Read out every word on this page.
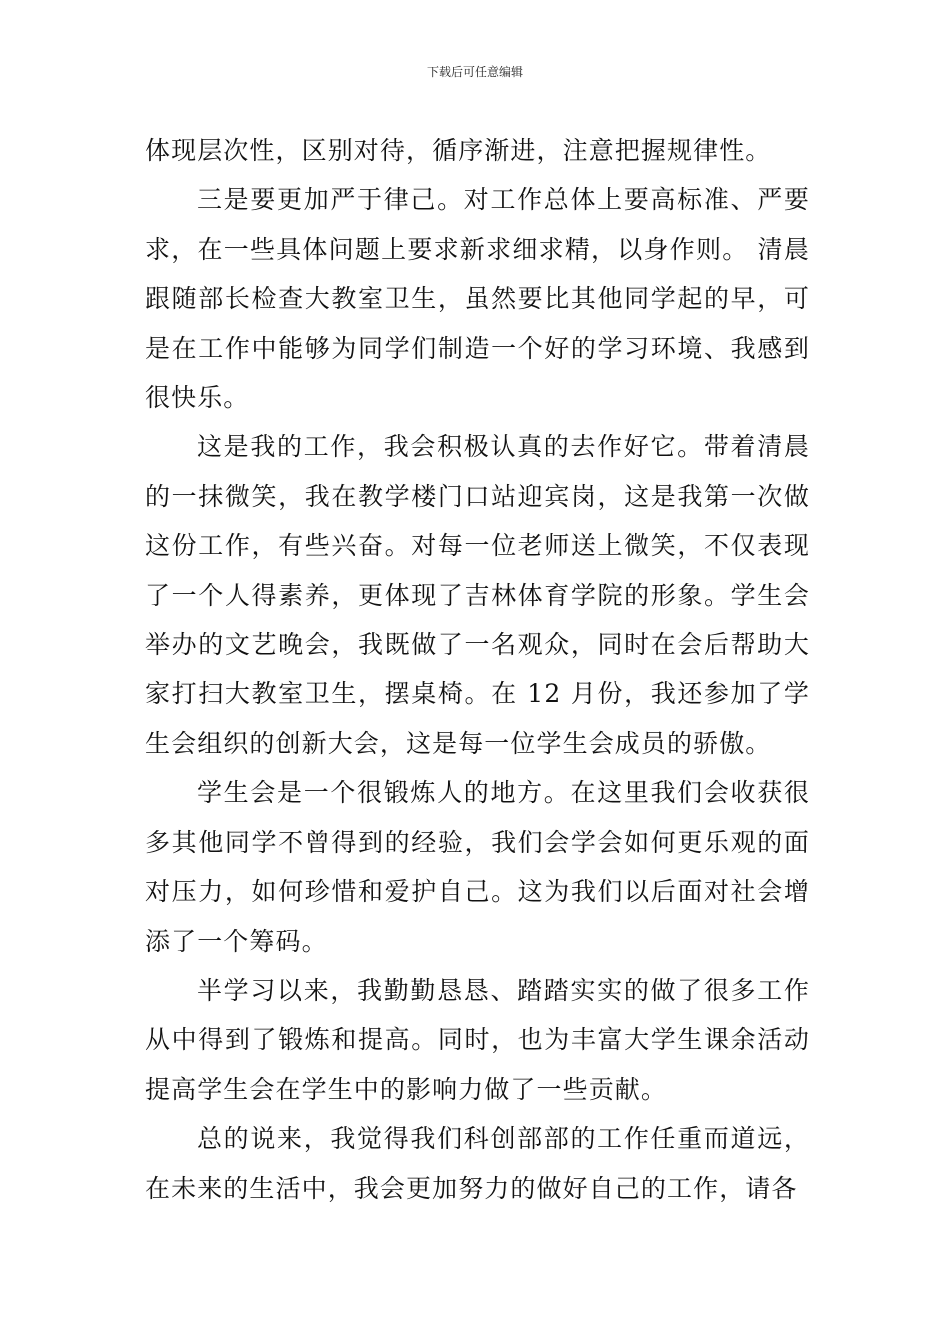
下载后可任意编辑

体现层次性，区别对待，循序渐进，注意把握规律性。

三是要更加严于律己。对工作总体上要高标准、严要求，在一些具体问题上要求新求细求精，以身作则。 清晨跟随部长检查大教室卫生，虽然要比其他同学起的早，可是在工作中能够为同学们制造一个好的学习环境、我感到很快乐。

这是我的工作，我会积极认真的去作好它。带着清晨的一抹微笑，我在教学楼门口站迎宾岗，这是我第一次做这份工作，有些兴奋。对每一位老师送上微笑，不仅表现了一个人得素养，更体现了吉林体育学院的形象。学生会举办的文艺晚会，我既做了一名观众，同时在会后帮助大家打扫大教室卫生，摆桌椅。在 12 月份，我还参加了学生会组织的创新大会，这是每一位学生会成员的骄傲。

学生会是一个很锻炼人的地方。在这里我们会收获很多其他同学不曾得到的经验，我们会学会如何更乐观的面对压力，如何珍惜和爱护自己。这为我们以后面对社会增添了一个筹码。

半学习以来，我勤勤恳恳、踏踏实实的做了很多工作从中得到了锻炼和提高。同时，也为丰富大学生课余活动提高学生会在学生中的影响力做了一些贡献。

总的说来，我觉得我们科创部部的工作任重而道远，在未来的生活中，我会更加努力的做好自己的工作，请各
